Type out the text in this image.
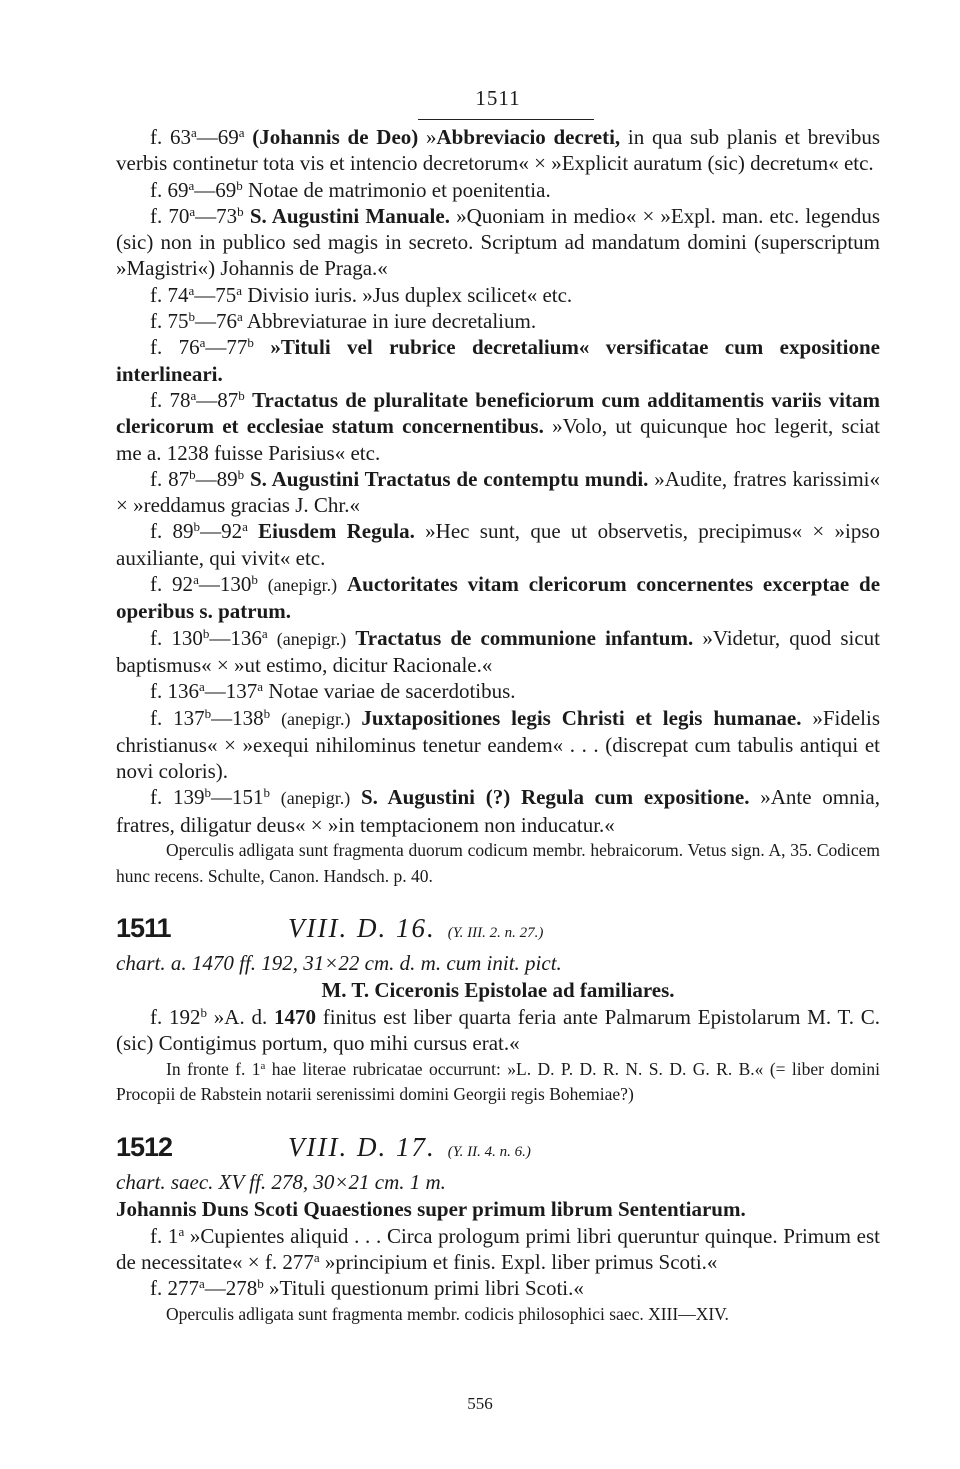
1511

f. 63$^a$—69$^a$ (Johannis de Deo) »Abbreviacio decreti, in qua sub planis et brevibus verbis continetur tota vis et intencio decretorum« × »Explicit auratum (sic) decretum« etc.

f. 69$^a$—69$^b$ Notae de matrimonio et poenitentia.

f. 70$^a$—73$^b$ S. Augustini Manuale. »Quoniam in medio« × »Expl. man. etc. legendus (sic) non in publico sed magis in secreto. Scriptum ad mandatum domini (superscriptum »Magistri«) Johannis de Praga.«

f. 74$^a$—75$^a$ Divisio iuris. »Jus duplex scilicet« etc.

f. 75$^b$—76$^a$ Abbreviaturae in iure decretalium.

f. 76$^a$—77$^b$ »Tituli vel rubrice decretalium« versificatae cum expositione interlineari.

f. 78$^a$—87$^b$ Tractatus de pluralitate beneficiorum cum additamentis variis vitam clericorum et ecclesiae statum concernentibus. »Volo, ut quicunque hoc legerit, sciat me a. 1238 fuisse Parisius« etc.

f. 87$^b$—89$^b$ S. Augustini Tractatus de contemptu mundi. »Audite, fratres karissimi« × »reddamus gracias J. Chr.«

f. 89$^b$—92$^a$ Eiusdem Regula. »Hec sunt, que ut observetis, precipimus« × »ipso auxiliante, qui vivit« etc.

f. 92$^a$—130$^b$ (anepigr.) Auctoritates vitam clericorum concernentes excerptae de operibus s. patrum.

f. 130$^b$—136$^a$ (anepigr.) Tractatus de communione infantum. »Videtur, quod sicut baptismus« × »ut estimo, dicitur Racionale.«

f. 136$^a$—137$^a$ Notae variae de sacerdotibus.

f. 137$^b$—138$^b$ (anepigr.) Juxtapositiones legis Christi et legis humanae. »Fidelis christianus« × »exequi nihilominus tenetur eandem« . . . (discrepat cum tabulis antiqui et novi coloris).

f. 139$^b$—151$^b$ (anepigr.) S. Augustini (?) Regula cum expositione. »Ante omnia, fratres, diligatur deus« × »in temptacionem non inducatur.«

Operculis adligata sunt fragmenta duorum codicum membr. hebraicorum. Vetus sign. A, 35. Codicem hunc recens. Schulte, Canon. Handsch. p. 40.

1511	VIII. D. 16. (Y. III. 2. n. 27.)

chart. a. 1470 ff. 192, 31×22 cm. d. m. cum init. pict.

M. T. Ciceronis Epistolae ad familiares.

f. 192$^b$ »A. d. 1470 finitus est liber quarta feria ante Palmarum Epistolarum M. T. C. (sic) Contigimus portum, quo mihi cursus erat.«

In fronte f. 1$^a$ hae literae rubricatae occurrunt: »L. D. P. D. R. N. S. D. G. R. B.« (= liber domini Procopii de Rabstein notarii serenissimi domini Georgii regis Bohemiae?)

1512	VIII. D. 17. (Y. II. 4. n. 6.)

chart. saec. XV ff. 278, 30×21 cm. 1 m.

Johannis Duns Scoti Quaestiones super primum librum Sententiarum.

f. 1$^a$ »Cupientes aliquid . . . Circa prologum primi libri queruntur quinque. Primum est de necessitate« × f. 277$^a$ »principium et finis. Expl. liber primus Scoti.«

f. 277$^a$—278$^b$ »Tituli questionum primi libri Scoti.«

Operculis adligata sunt fragmenta membr. codicis philosophici saec. XIII—XIV.

556
